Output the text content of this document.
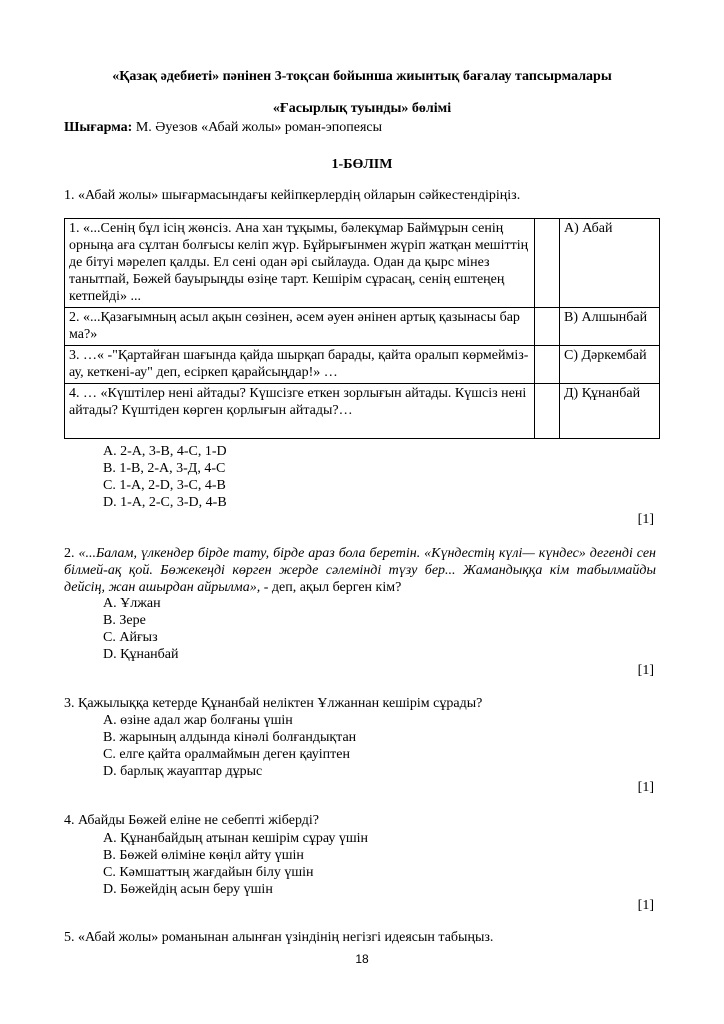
«Қазақ әдебиеті» пәнінен 3-тоқсан бойынша жиынтық бағалау тапсырмалары
«Ғасырлық туынды» бөлімі
Шығарма: М. Әуезов «Абай жолы» роман-эпопеясы
1-БӨЛІМ
1. «Абай жолы» шығармасындағы кейіпкерлердің ойларын сәйкестендіріңіз.
1. «...Сенің бұл ісің жөнсіз. Ана хан тұқымы, бәлекұмар Баймұрын сенің орныңа аға сұлтан болғысы келіп жүр. Бұйрығынмен жүріп жатқан мешіттің де бітуі мәрелеп қалды. Ел сені одан әрі сыйлауда. Одан да қырс мінез танытпай, Бөжей бауырыңды өзіңе тарт. Кешірім сұрасаң, сенің ештеңең кетпейді» ...		А) Абай
2. «...Қазағымның асыл ақын сөзінен, әсем әуен әнінен артық қазынасы бар ма?»		В) Алшынбай
3. …« -"Қартайған шағында қайда шырқап барады, қайта оралып көрмейміз-ау, кеткені-ау" деп, есіркеп қарайсыңдар!» …		С) Дәркембай
4. … «Күштілер нені айтады? Күшсізге еткен зорлығын айтады. Күшсіз нені айтады? Күштіден көрген қорлығын айтады?…		Д) Құнанбай
A. 2-А, 3-В, 4-С, 1-D
B. 1-В, 2-А, 3-Д, 4-С
C. 1-А, 2-D, 3-С, 4-В
D. 1-А, 2-С, 3-D, 4-В
[1]
2. «...Балам, үлкендер бірде тату, бірде араз бола беретін. «Күндестің күлі— күндес» дегенді сен білмей-ақ қой. Бөжекеңді көрген жерде сәлемінді түзу бер... Жамандыққа кім табылмайды дейсің, жан ашырдан айрылма», - деп, ақыл берген кім?
A. Ұлжан
B. Зере
C. Айғыз
D. Құнанбай
[1]
3. Қажылыққа кетерде Құнанбай неліктен Ұлжаннан кешірім сұрады?
A. өзіне адал жар болғаны үшін
B. жарының алдында кінәлі болғандықтан
C. елге қайта оралмаймын деген қауіптен
D. барлық жауаптар дұрыс
[1]
4. Абайды Бөжей еліне не себепті жіберді?
A. Құнанбайдың атынан кешірім сұрау үшін
B. Бөжей өліміне көңіл айту үшін
C. Кәмшаттың жағдайын білу үшін
D. Бөжейдің асын беру үшін
[1]
5. «Абай жолы» романынан алынған үзіндінің негізгі идеясын табыңыз.
18
